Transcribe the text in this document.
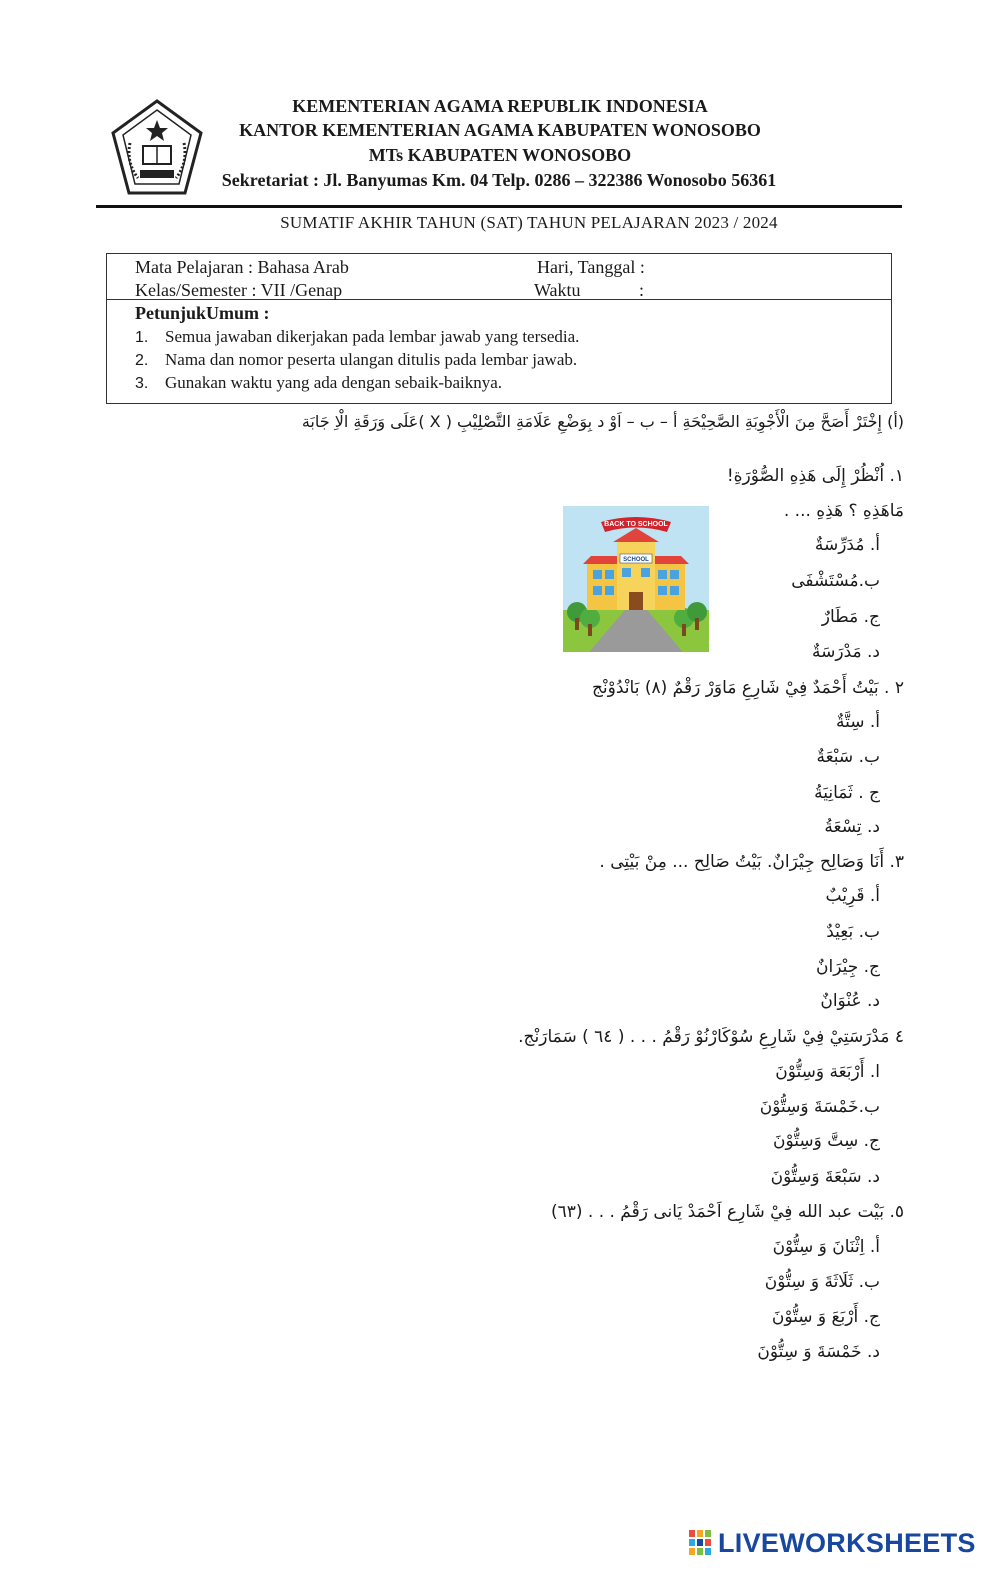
KEMENTERIAN AGAMA REPUBLIK INDONESIA
KANTOR KEMENTERIAN AGAMA KABUPATEN WONOSOBO
MTs KABUPATEN WONOSOBO
Sekretariat : Jl. Banyumas Km. 04 Telp. 0286 – 322386 Wonosobo 56361
SUMATIF AKHIR TAHUN (SAT) TAHUN PELAJARAN 2023 / 2024
Mata Pelajaran : Bahasa Arab
Kelas/Semester : VII /Genap
Hari, Tanggal :
Waktu             :
PetunjukUmum :
1. Semua jawaban dikerjakan pada lembar jawab yang tersedia.
2. Nama dan nomor peserta ulangan ditulis pada lembar jawab.
3. Gunakan waktu yang ada dengan sebaik-baiknya.
(أ) إِخْتَرْ أَصَحَّ مِنَ الْأَجْوِبَةِ الصَّحِيْحَةِ أ – ب – اَوْ د بِوَضْعِ عَلَامَةِ التَّصْلِيْبِ ( X )عَلَى وَرَقَةِ الْاِ جَابَة
١. اُنْظُرْ إِلَى هَذِهِ الصُّوْرَةِ!
مَاهَذِهِ ؟ هَذِهِ ... .
أ. مُدَرِّسَةٌ
ب.مُسْتَشْفَى
ج. مَطَارٌ
د. مَدْرَسَةٌ
SCHOOL
BACK TO SCHOOL
٢ . بَيْتُ أَحْمَدٌ فِيْ شَارِعِ مَاوَرْ رَقْمٌ (٨) بَانْدُوْنْج
أ. سِتَّةٌ
ب. سَبْعَةٌ
ج . ثَمَانِيَةُ
د. تِسْعَةُ
٣. أَنَا وَصَالِح جِيْرَانٌ. بَيْتُ صَالِح ... مِنْ بَيْتِى .
أ. قَرِيْبٌ
ب. بَعِيْدٌ
ج. جِيْرَانٌ
د. عُنْوَانٌ
٤ مَدْرَسَتِيْ فِيْ شَارِعِ سُوْكَارْنُوْ رَقْمُ . . . ( ٦٤ ) سَمَارَنْج.
ا. أَرْبَعَة وَسِتُّوْنَ
ب.خَمْسَةَ وَسِتُّوْنَ
ج. سِتَّ وَسِتُّوْنَ
د. سَبْعَةَ وَسِتُّوْنَ
٥. بَيْت عبد الله فِيْ شَارِع اَحْمَدْ يَانى رَقْمُ . . . (٦٣)
أ. اِثْنَانَ وَ سِتُّوْنَ
ب. ثَلَاثَةَ وَ سِتُّوْنَ
ج. أَرْبَعَ وَ سِتُّوْنَ
د. خَمْسَةَ وَ سِتُّوْنَ
LIVEWORKSHEETS
